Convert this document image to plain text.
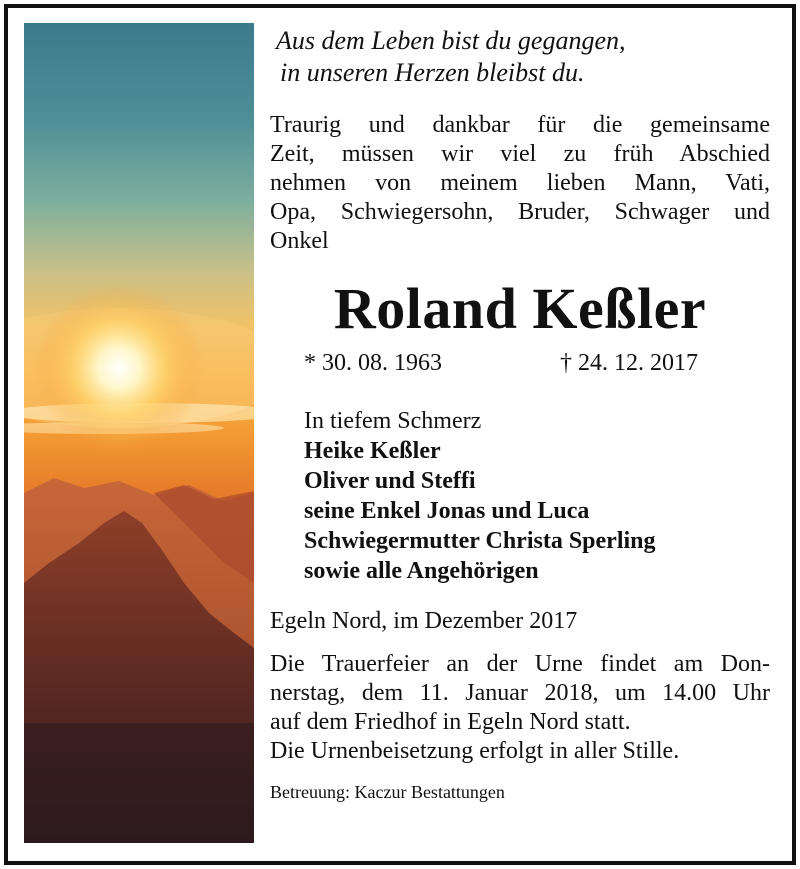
Aus dem Leben bist du gegangen,
in unseren Herzen bleibst du.
Traurig und dankbar für die gemeinsame
Zeit, müssen wir viel zu früh Abschied
nehmen von meinem lieben Mann, Vati,
Opa, Schwiegersohn, Bruder, Schwager und
Onkel
Roland Keßler
* 30. 08. 1963	† 24. 12. 2017
In tiefem Schmerz
Heike Keßler
Oliver und Steffi
seine Enkel Jonas und Luca
Schwiegermutter Christa Sperling
sowie alle Angehörigen
Egeln Nord, im Dezember 2017
Die Trauerfeier an der Urne findet am Don-
nerstag, dem 11. Januar 2018, um 14.00 Uhr
auf dem Friedhof in Egeln Nord statt.
Die Urnenbeisetzung erfolgt in aller Stille.
Betreuung: Kaczur Bestattungen
